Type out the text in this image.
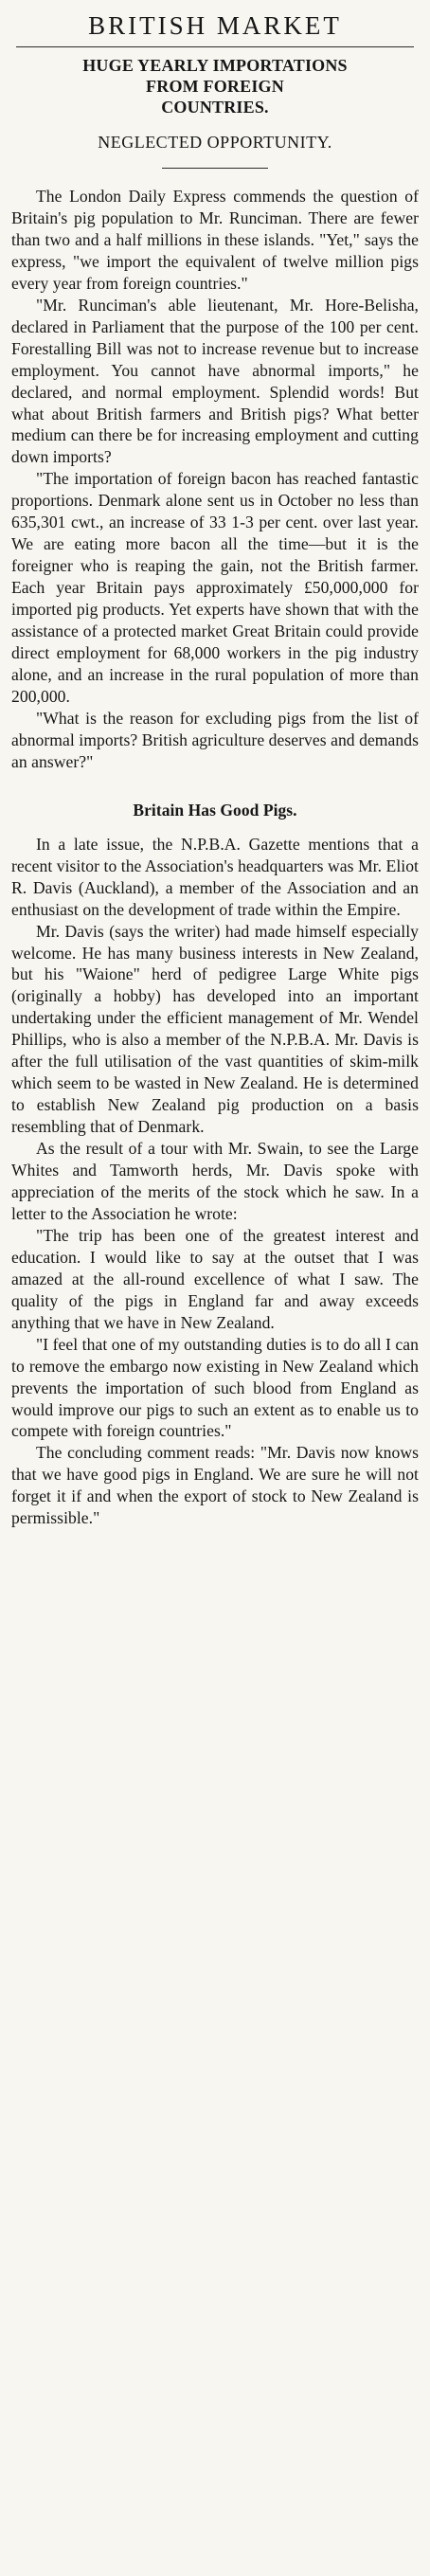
BRITISH MARKET
HUGE YEARLY IMPORTATIONS
FROM FOREIGN
COUNTRIES.
NEGLECTED OPPORTUNITY.

The London Daily Express commends the question of Britain's pig population to Mr. Runciman. There are fewer than two and a half millions in these islands. "Yet," says the express, "we import the equivalent of twelve million pigs every year from foreign countries."

"Mr. Runciman's able lieutenant, Mr. Hore-Belisha, declared in Parliament that the purpose of the 100 per cent. Forestalling Bill was not to increase revenue but to increase employment. You cannot have abnormal imports," he declared, and normal employment. Splendid words! But what about British farmers and British pigs? What better medium can there be for increasing employment and cutting down imports?

"The importation of foreign bacon has reached fantastic proportions. Denmark alone sent us in October no less than 635,301 cwt., an increase of 33 1-3 per cent. over last year. We are eating more bacon all the time—but it is the foreigner who is reaping the gain, not the British farmer. Each year Britain pays approximately £50,000,000 for imported pig products. Yet experts have shown that with the assistance of a protected market Great Britain could provide direct employment for 68,000 workers in the pig industry alone, and an increase in the rural population of more than 200,000.

"What is the reason for excluding pigs from the list of abnormal imports? British agriculture deserves and demands an answer?"

Britain Has Good Pigs.

In a late issue, the N.P.B.A. Gazette mentions that a recent visitor to the Association's headquarters was Mr. Eliot R. Davis (Auckland), a member of the Association and an enthusiast on the development of trade within the Empire.

Mr. Davis (says the writer) had made himself especially welcome. He has many business interests in New Zealand, but his "Waione" herd of pedigree Large White pigs (originally a hobby) has developed into an important undertaking under the efficient management of Mr. Wendel Phillips, who is also a member of the N.P.B.A. Mr. Davis is after the full utilisation of the vast quantities of skim-milk which seem to be wasted in New Zealand. He is determined to establish New Zealand pig production on a basis resembling that of Denmark.

As the result of a tour with Mr. Swain, to see the Large Whites and Tamworth herds, Mr. Davis spoke with appreciation of the merits of the stock which he saw. In a letter to the Association he wrote:

"The trip has been one of the greatest interest and education. I would like to say at the outset that I was amazed at the all-round excellence of what I saw. The quality of the pigs in England far and away exceeds anything that we have in New Zealand.

"I feel that one of my outstanding duties is to do all I can to remove the embargo now existing in New Zealand which prevents the importation of such blood from England as would improve our pigs to such an extent as to enable us to compete with foreign countries."

The concluding comment reads: "Mr. Davis now knows that we have good pigs in England. We are sure he will not forget it if and when the export of stock to New Zealand is permissible."
